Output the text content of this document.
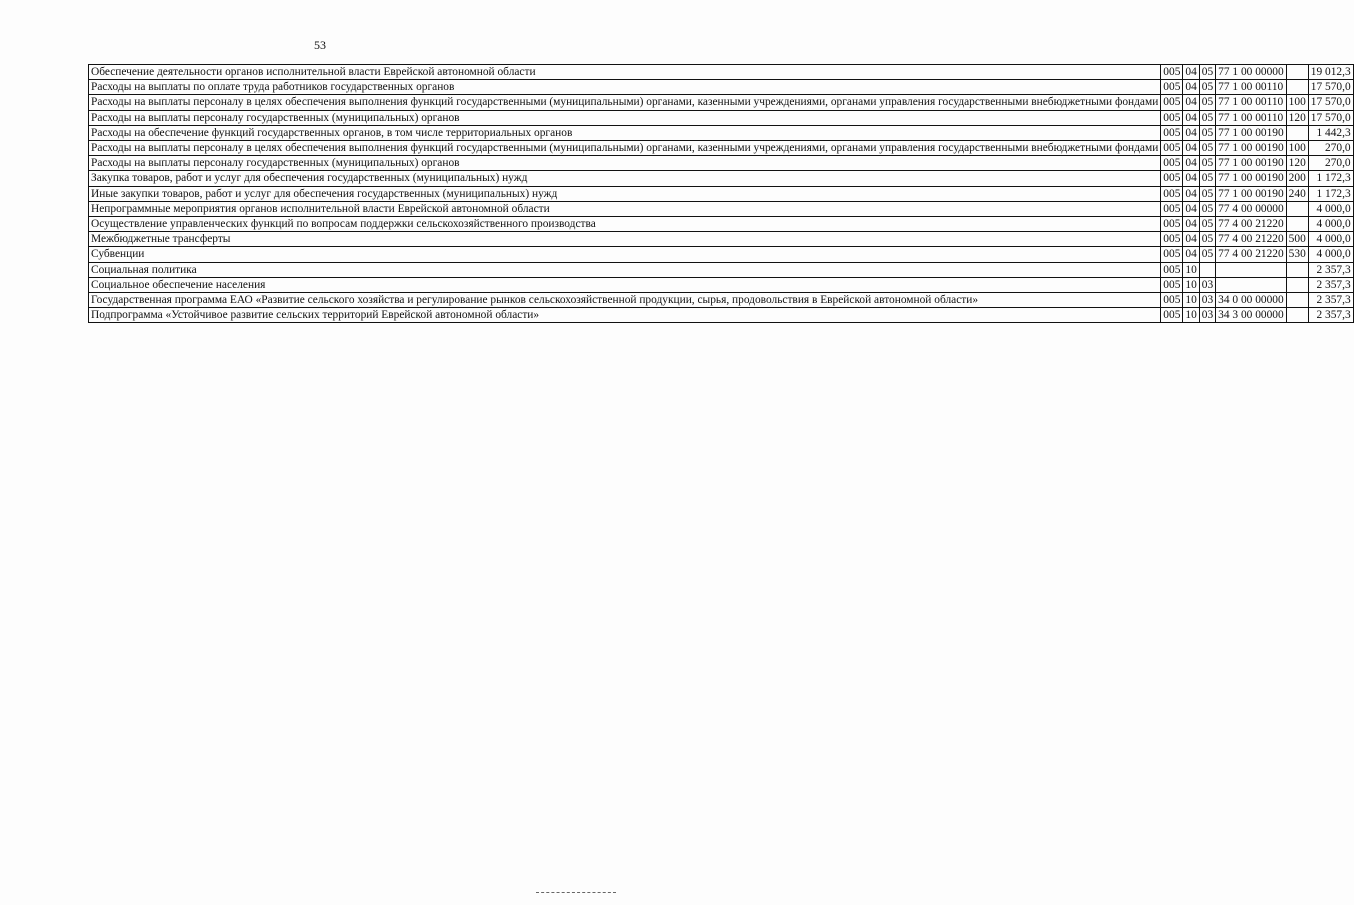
53
Обеспечение деятельности органов исполнительной власти Еврейской автономной области	005	04	05	77 1 00 00000		19 012,3

Расходы на выплаты по оплате труда работников государственных органов	005	04	05	77 1 00 00110		17 570,0

Расходы на выплаты персоналу в целях обеспечения выполнения функций государственными (муниципальными) органами, казенными учреждениями, органами управления государственными внебюджетными фондами	005	04	05	77 1 00 00110	100	17 570,0

Расходы на выплаты персоналу государственных (муниципальных) органов	005	04	05	77 1 00 00110	120	17 570,0

Расходы на обеспечение функций государственных органов, в том числе территориальных органов	005	04	05	77 1 00 00190		1 442,3

Расходы на выплаты персоналу в целях обеспечения выполнения функций государственными (муниципальными) органами, казенными учреждениями, органами управления государственными внебюджетными фондами	005	04	05	77 1 00 00190	100	270,0

Расходы на выплаты персоналу государственных (муниципальных) органов	005	04	05	77 1 00 00190	120	270,0

Закупка товаров, работ и услуг для обеспечения государственных (муниципальных) нужд	005	04	05	77 1 00 00190	200	1 172,3

Иные закупки товаров, работ и услуг для обеспечения государственных (муниципальных) нужд	005	04	05	77 1 00 00190	240	1 172,3

Непрограммные мероприятия органов исполнительной власти Еврейской автономной области	005	04	05	77 4 00 00000		4 000,0

Осуществление управленческих функций по вопросам поддержки сельскохозяйственного производства	005	04	05	77 4 00 21220		4 000,0

Межбюджетные трансферты	005	04	05	77 4 00 21220	500	4 000,0

Субвенции	005	04	05	77 4 00 21220	530	4 000,0

Социальная политика	005	10				2 357,3

Социальное обеспечение населения	005	10	03			2 357,3

Государственная программа ЕАО «Развитие сельского хозяйства и регулирование рынков сельскохозяйственной продукции, сырья, продовольствия в Еврейской автономной области»	005	10	03	34 0 00 00000		2 357,3

Подпрограмма «Устойчивое развитие сельских территорий Еврейской автономной области»	005	10	03	34 3 00 00000		2 357,3
